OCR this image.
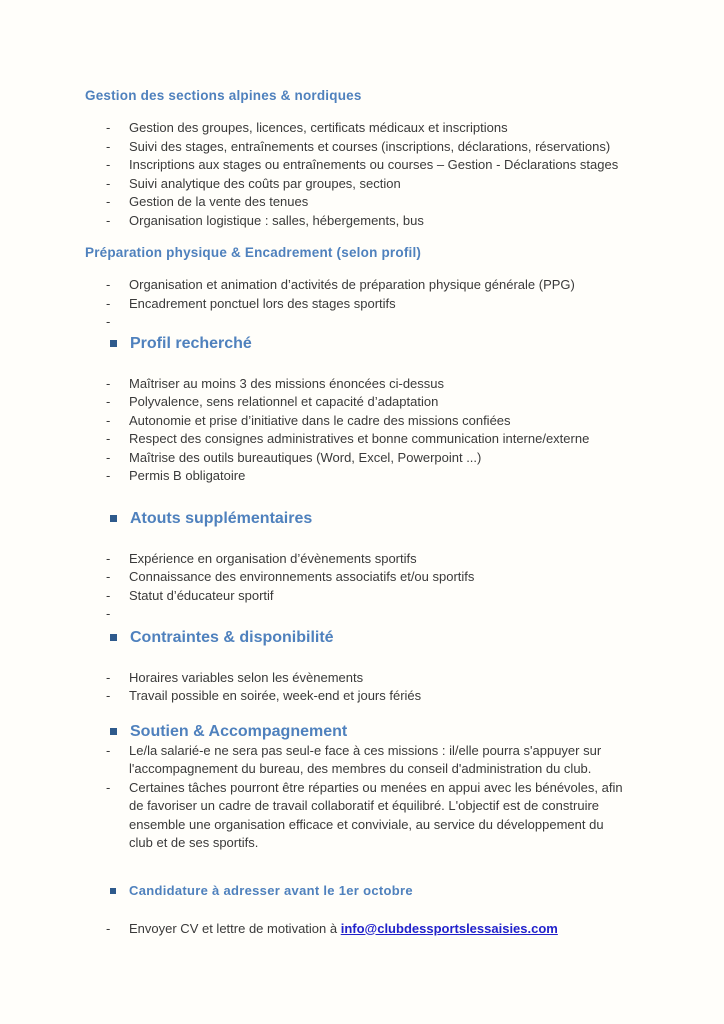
Gestion des sections alpines & nordiques
-	Gestion des groupes, licences, certificats médicaux et inscriptions
-	Suivi des stages, entraînements et courses (inscriptions, déclarations, réservations)
-	Inscriptions aux stages ou entraînements ou courses – Gestion - Déclarations stages
-	Suivi analytique des coûts par groupes, section
-	Gestion de la vente des tenues
-	Organisation logistique : salles, hébergements, bus
Préparation physique & Encadrement (selon profil)
-	Organisation et animation d’activités de préparation physique générale (PPG)
-	Encadrement ponctuel lors des stages sportifs
-
Profil recherché
-	Maîtriser au moins 3 des missions énoncées ci-dessus
-	Polyvalence, sens relationnel et capacité d’adaptation
-	Autonomie et prise d’initiative dans le cadre des missions confiées
-	Respect des consignes administratives et bonne communication interne/externe
-	Maîtrise des outils bureautiques (Word, Excel, Powerpoint ...)
-	Permis B obligatoire
Atouts supplémentaires
-	Expérience en organisation d’évènements sportifs
-	Connaissance des environnements associatifs et/ou sportifs
-	Statut d’éducateur sportif
-
Contraintes & disponibilité
-	Horaires variables selon les évènements
-	Travail possible en soirée, week-end et jours fériés
Soutien & Accompagnement
-	Le/la salarié-e ne sera pas seul-e face à ces missions : il/elle pourra s'appuyer sur l'accompagnement du bureau, des membres du conseil d'administration du club.
-	Certaines tâches pourront être réparties ou menées en appui avec les bénévoles, afin de favoriser un cadre de travail collaboratif et équilibré. L'objectif est de construire ensemble une organisation efficace et conviviale, au service du développement du club et de ses sportifs.
Candidature à adresser avant le 1er octobre
-	Envoyer CV et lettre de motivation à info@clubdessportslessaisies.com
